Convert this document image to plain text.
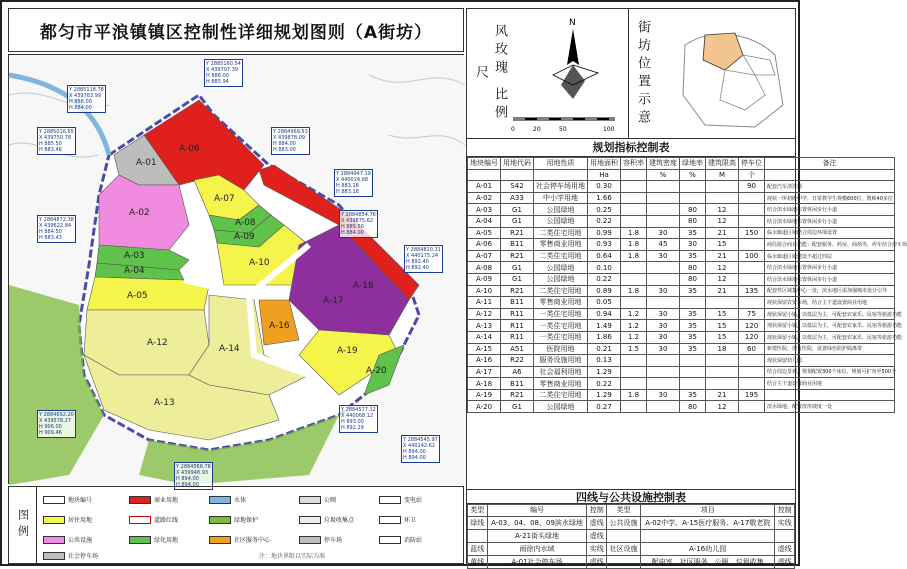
都匀市平浪镇镇区控制性详细规划图则（A街坊）
A-01
A-06
A-02
A-03
A-04
A-05
A-07
A-08
A-09
A-10
A-17
A-18
A-16
A-19
A-20
A-12
A-14
A-13
Y 2885160.54
X 439797.39
H 886.00
H 885.94
Y 2885118.78
X 439763.99
H 886.00
H 884.00
Y 2885016.65
X 439750.78
H 885.50
H 883.46
Y 2884969.53
X 439878.09
H 884.00
H 883.00
Y 2884947.19
X 440024.68
H 883.18
H 883.18
Y 2884872.38
X 439622.84
H 884.50
H 883.43
Y 2884854.76
X 439875.62
H 885.50
H 884.00
Y 2884810.31
X 440175.24
H 892.40
H 892.40
Y 2884692.20
X 439578.27
H 906.00
H 909.46
Y 2884577.12
X 440068.12
H 893.00
H 892.29
Y 2884545.97
X 440242.62
H 894.00
H 894.00
Y 2884566.78
X 439948.93
H 894.00
H 894.00
图例
地块编号
居住用地
公共设施
商业用地
道路红线
绿化用地
水体
绿地保护
社区服务中心
公厕
垃圾收集点
停车场
变电站
环卫
消防站
社会停车场	注：地块界限以实际为准
风玫瑰 比例尺
N
0	20	50	100
街坊位置示意
规划指标控制表
地块编号	用地代码	用地性质	用地面积	容积率	建筑密度	绿地率	建筑限高	停车位	备注
			Ha		%	%	M	个	
A-01	S42	社会停车场用地	0.30					90	配套汽车清洗场
A-02	A33	中小学用地	1.66						现状一所初级中学，日常教学生规模600位，教师40多位
A-03	G1	公园绿地	0.25			80	12		结合滨水绿地布置休闲步行小道
A-04	G1	公园绿地	0.22			80	12		结合滨水绿地布置休闲步行小道
A-05	R21	二类住宅用地	0.99	1.8	30	35	21	150	临水廊道区域结合周边环境设置
A-06	B11	零售商业用地	0.93	1.8	45	30	15		商住混合商业功能：配套服务、药房、商场等，停车结合停车场
A-07	R21	二类住宅用地	0.64	1.8	30	35	21	100	临水廊道区域建设不超过四层
A-08	G1	公园绿地	0.10			80	12		结合滨水绿地布置休闲步行小道
A-09	G1	公园绿地	0.22			80	12		结合滨水绿地布置休闲步行小道
A-10	R21	二类住宅用地	0.89	1.8	30	35	21	135	配套性区域集中心一处，滨水地区需加强城市设计引导
A-11	B11	零售商业用地	0.05						现状保留农贸市场，结合主干道设置商业用地
A-12	R11	一类住宅用地	0.94	1.2	30	35	15	75	现状保留小镇，以低层为主，可配套农家乐、民宿等旅游功能
A-13	R11	一类住宅用地	1.49	1.2	30	35	15	120	现状保留小镇，以低层为主，可配套农家乐、民宿等旅游功能
A-14	R11	一类住宅用地	1.86	1.2	30	35	15	120	现状保留小镇，以低层为主，可配套农家乐、民宿等旅游功能
A-15	A51	医院用地	0.21	1.5	30	35	18	60	新建医院，现有医院，设置绿色防护隔离带
A-16	R22	服务设施用地	0.13						现状保留幼儿园
A-17	A6	社会福利用地	1.29						结合周边景观，规划配置300个床位，规划可扩容至500个
A-18	B11	零售商业用地	0.22						结合主干道设置商业用地
A-19	R21	二类住宅用地	1.29	1.8	30	35	21	195	
A-20	G1	公园绿地	0.27			80	12		滨水绿地，配置放形坡度一处
四线与公共设施控制表
类型	编号	控制	类型	项目	控制
绿线	A-03、04、08、09滨水绿地	虚线	公共设施	A-02中学、A-15医疗服务、A-17敬老院	实线
	A-21街头绿地	虚线			
蓝线	雨徐内水域	实线	社区设施	A-16幼儿园	虚线
黄线	A-01社会停车场	虚线		配电室、社区服务、公厕、垃圾收集	虚线
